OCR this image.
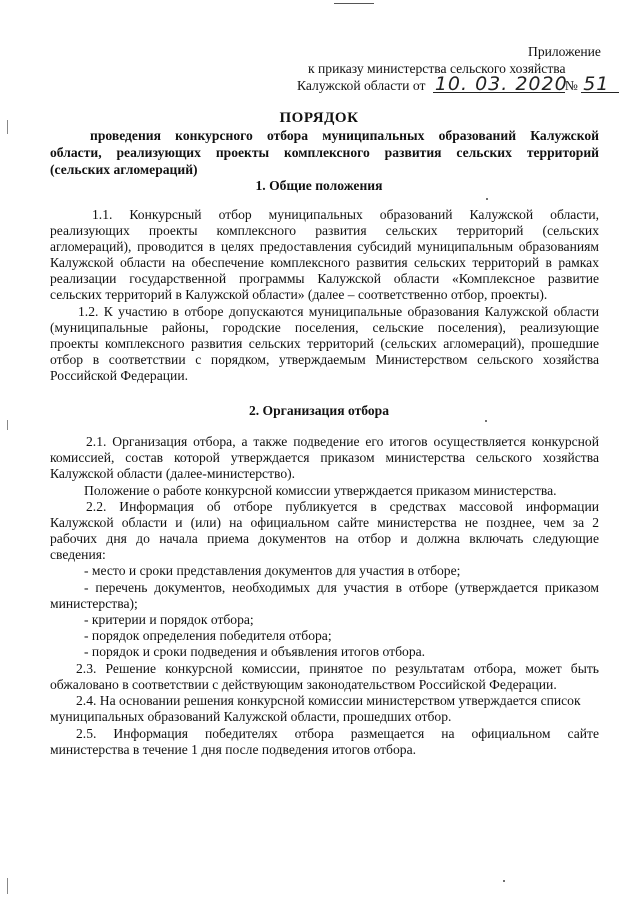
Приложение
к приказу министерства сельского хозяйства
Калужской области от 10. 03. 2020№ 51
ПОРЯДОК
проведения конкурсного отбора муниципальных образований Калужской
области, реализующих проекты комплексного развития сельских территорий
(сельских агломераций)
1. Общие положения
1.1. Конкурсный отбор муниципальных образований Калужской области,
реализующих проекты комплексного развития сельских территорий (сельских
агломераций), проводится в целях предоставления субсидий муниципальным образованиям
Калужской области на обеспечение комплексного развития сельских территорий в рамках
реализации государственной программы Калужской области «Комплексное развитие
сельских территорий в Калужской области» (далее – соответственно отбор, проекты).
1.2. К участию в отборе допускаются муниципальные образования Калужской области
(муниципальные районы, городские поселения, сельские поселения), реализующие
проекты комплексного развития сельских территорий (сельских агломераций), прошедшие
отбор в соответствии с порядком, утверждаемым Министерством сельского хозяйства
Российской Федерации.
2. Организация отбора
2.1. Организация отбора, а также подведение его итогов осуществляется конкурсной
комиссией, состав которой утверждается приказом министерства сельского хозяйства
Калужской области (далее-министерство).
Положение о работе конкурсной комиссии утверждается приказом министерства.
2.2. Информация об отборе публикуется в средствах массовой информации
Калужской области и (или) на официальном сайте министерства не позднее, чем за 2
рабочих дня до начала приема документов на отбор и должна включать следующие
сведения:
- место и сроки представления документов для участия в отборе;
- перечень документов, необходимых для участия в отборе (утверждается приказом
министерства);
- критерии и порядок отбора;
- порядок определения победителя отбора;
- порядок и сроки подведения и объявления итогов отбора.
2.3. Решение конкурсной комиссии, принятое по результатам отбора, может быть
обжаловано в соответствии с действующим законодательством Российской Федерации.
2.4. На основании решения конкурсной комиссии министерством утверждается список
муниципальных образований Калужской области, прошедших отбор.
2.5. Информация победителях отбора размещается на официальном сайте
министерства в течение 1 дня после подведения итогов отбора.
